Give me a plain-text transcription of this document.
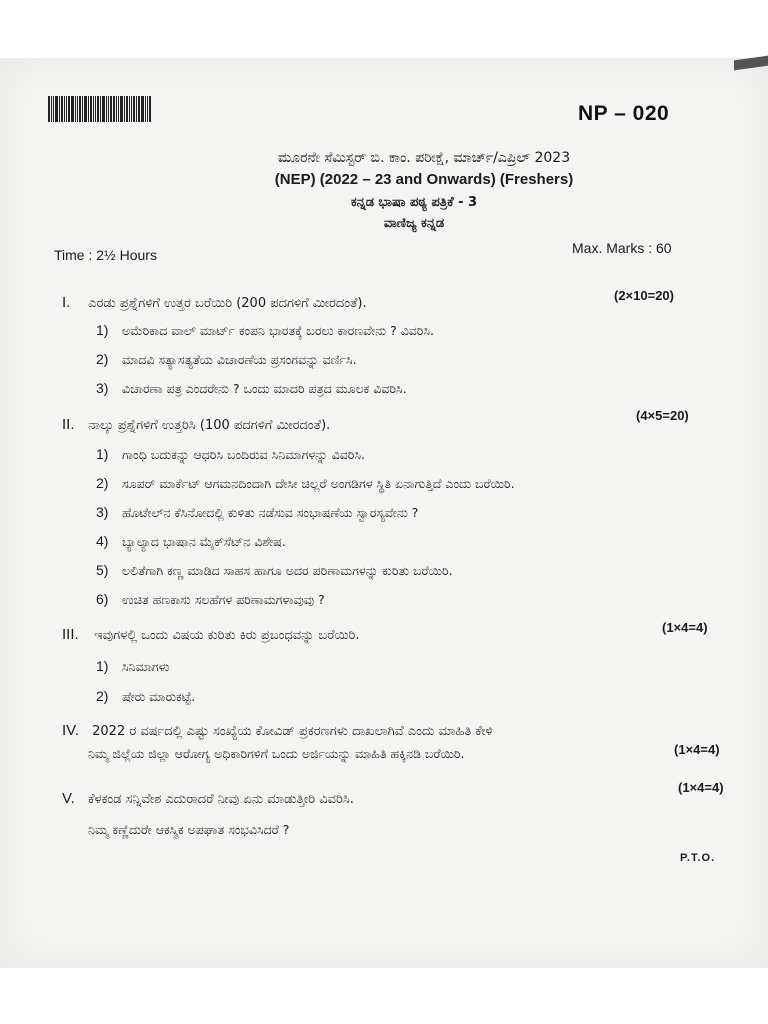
NP – 020
ಮೂರನೇ ಸೆಮಿಸ್ಟರ್ ಬಿ. ಕಾಂ. ಪರೀಕ್ಷೆ, ಮಾರ್ಚ್/ಎಪ್ರಿಲ್ 2023
(NEP) (2022 – 23 and Onwards) (Freshers)
ಕನ್ನಡ ಭಾಷಾ ಪಠ್ಯ ಪತ್ರಿಕೆ - 3
ವಾಣಿಜ್ಯ ಕನ್ನಡ
Time : 2½ Hours	Max. Marks : 60
I. ಎರಡು ಪ್ರಶ್ನೆಗಳಿಗೆ ಉತ್ತರ ಬರೆಯಿರಿ (200 ಪದಗಳಿಗೆ ಮೀರದಂತೆ).
(2×10=20)
1) ಅಮೆರಿಕಾದ ವಾಲ್ ಮಾರ್ಟ್ ಕಂಪನಿ ಭಾರತಕ್ಕೆ ಬರಲು ಕಾರಣವೇನು ? ವಿವರಿಸಿ.
2) ಮಾದವಿ ಸತ್ಯಾಸತ್ಯತೆಯ ವಿಚಾರಣೆಯ ಪ್ರಸಂಗವನ್ನು ವರ್ಣಿಸಿ.
3) ವಿಚಾರಣಾ ಪತ್ರ ಎಂದರೇನು ? ಒಂದು ಮಾದರಿ ಪತ್ರದ ಮೂಲಕ ವಿವರಿಸಿ.
II. ನಾಲ್ಕು ಪ್ರಶ್ನೆಗಳಿಗೆ ಉತ್ತರಿಸಿ (100 ಪದಗಳಿಗೆ ಮೀರದಂತೆ).
(4×5=20)
1) ಗಾಂಧಿ ಬದುಕನ್ನು ಆಧರಿಸಿ ಬಂದಿರುವ ಸಿನಿಮಾಗಳನ್ನು ವಿವರಿಸಿ.
2) ಸೂಪರ್ ಮಾರ್ಕೆಟ್ ಆಗಮನದಿಂದಾಗಿ ದೇಸೀ ಚಿಲ್ಲರೆ ಅಂಗಡಿಗಳ ಸ್ಥಿತಿ ಏನಾಗುತ್ತಿದೆ ಎಂದು ಬರೆಯಿರಿ.
3) ಹೊಟೇಲ್‌ನ ಕೆಸಿನೋದಲ್ಲಿ ಕುಳಿತು ನಡೆಸುವ ಸಂಭಾಷಣೆಯ ಸ್ವಾರಸ್ಯವೇನು ?
4) ಬ್ಯಾಲ್ಯಾದ ಭಾಷಾನ ಮೈಕ್‌ಸೆಟ್‌ನ ವಿಶೇಷ.
5) ಲಲಿತೆಗಾಗಿ ಕಣ್ಣ ಮಾಡಿದ ಸಾಹಸ ಹಾಗೂ ಅದರ ಪರಿಣಾಮಗಳನ್ನು ಕುರಿತು ಬರೆಯಿರಿ.
6) ಉಚಿತ ಹಣಕಾಸು ಸಲಹೆಗಳ ಪರಿಣಾಮಗಳಾವುವು ?
III. ಇವುಗಳಲ್ಲಿ ಒಂದು ವಿಷಯ ಕುರಿತು ಕಿರು ಪ್ರಬಂಧವನ್ನು ಬರೆಯಿರಿ.
(1×4=4)
1) ಸಿನಿಮಾಗಳು
2) ಷೇರು ಮಾರುಕಟ್ಟೆ.
IV. 2022 ರ ವರ್ಷದಲ್ಲಿ ಎಷ್ಟು ಸಂಖ್ಯೆಯ ಕೋವಿಡ್ ಪ್ರಕರಣಗಳು ದಾಖಲಾಗಿವೆ ಎಂದು ಮಾಹಿತಿ ಕೇಳಿ
ನಿಮ್ಮ ಜಿಲ್ಲೆಯ ಜಿಲ್ಲಾ ಆರೋಗ್ಯ ಅಧಿಕಾರಿಗಳಿಗೆ ಒಂದು ಅರ್ಜಿಯನ್ನು ಮಾಹಿತಿ ಹಕ್ಕಿನಡಿ ಬರೆಯಿರಿ.	(1×4=4)
V. ಕೆಳಕಂಡ ಸನ್ನಿವೇಶ ಎದುರಾದರೆ ನೀವು ಏನು ಮಾಡುತ್ತೀರಿ ವಿವರಿಸಿ.
(1×4=4)
ನಿಮ್ಮ ಕಣ್ಣೆದುರೇ ಆಕಸ್ಮಿಕ ಅಪಘಾತ ಸಂಭವಿಸಿದರೆ ?
P.T.O.
